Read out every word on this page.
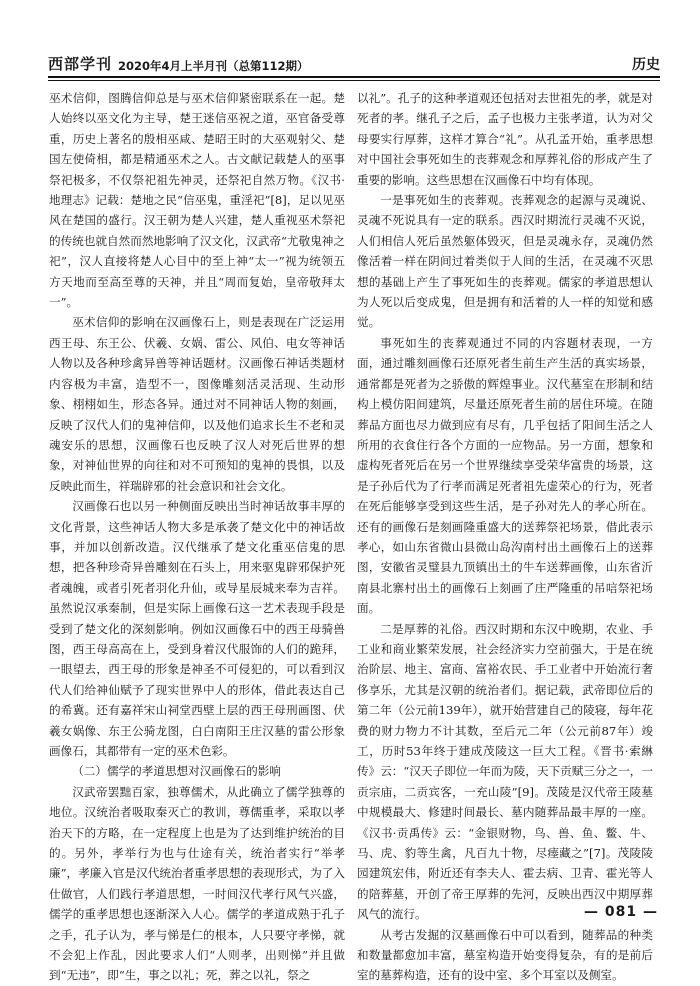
西部学刊 2020年4月上半月刊（总第112期）	历史

巫术信仰，图腾信仰总是与巫术信仰紧密联系在一起。楚人始终以巫文化为主导，楚王迷信巫祝之道，巫官备受尊重，历史上著名的殷相巫咸、楚昭王时的大巫观射父、楚国左使倚相，都是精通巫术之人。古文献记载楚人的巫事祭祀极多，不仅祭祀祖先神灵，还祭祀自然万物。《汉书·地理志》记载：楚地之民“信巫鬼，重淫祀”[8]，足以见巫风在楚国的盛行。汉王朝为楚人兴建，楚人重视巫术祭祀的传统也就自然而然地影响了汉文化，汉武帝“尤敬鬼神之祀”，汉人直接将楚人心目中的至上神“太一”视为统领五方天地而至高至尊的天神，并且“周而复始，皇帝敬拜太一”。

巫术信仰的影响在汉画像石上，则是表现在广泛运用西王母、东王公、伏羲、女娲、雷公、风伯、电女等神话人物以及各种珍禽异兽等神话题材。汉画像石神话类题材内容极为丰富，造型不一，图像雕刻活灵活现、生动形象、栩栩如生，形态各异。通过对不同神话人物的刻画，反映了汉代人们的鬼神信仰，以及他们追求长生不老和灵魂安乐的思想，汉画像石也反映了汉人对死后世界的想象，对神仙世界的向往和对不可预知的鬼神的畏惧，以及反映此而生，祥瑞辟邪的社会意识和社会文化。

汉画像石也以另一种侧面反映出当时神话故事丰厚的文化背景，这些神话人物大多是承袭了楚文化中的神话故事，并加以创新改造。汉代继承了楚文化重巫信鬼的思想，把各种珍奇异兽雕刻在石头上，用来驱鬼辟邪保护死者魂魄，或者引死者羽化升仙，或导星辰城来奉为吉祥。虽然说汉承秦制，但是实际上画像石这一艺术表现手段是受到了楚文化的深刻影响。例如汉画像石中的西王母骑兽图，西王母高高在上，受到身着汉代服饰的人们的跪拜，一眼望去，西王母的形象是神圣不可侵犯的，可以看到汉代人们给神仙赋予了现实世界中人的形体，借此表达自己的希冀。还有嘉祥宋山祠堂西壁上层的西王母刑画图、伏羲女娲像、东王公骑龙图，白白南阳王庄汉墓的雷公形象画像石，其都带有一定的巫术色彩。

（二）儒学的孝道思想对汉画像石的影响

汉武帝罢黜百家，独尊儒术，从此确立了儒学独尊的地位。汉统治者吸取秦灭亡的教训，尊儒重孝，采取以孝治天下的方略，在一定程度上也是为了达到维护统治的目的。另外，孝举行为也与仕途有关，统治者实行“举孝廉”，孝廉入官是汉代统治者重孝思想的表现形式，为了入仕做官，人们践行孝道思想，一时间汉代孝行风气兴盛，儒学的重孝思想也逐渐深入人心。儒学的孝道成熟于孔子之手，孔子认为，孝与悌是仁的根本，人只要守孝悌，就不会犯上作乱，因此要求人们“人则孝，出则悌”并且做到“无违”，即“生，事之以礼；死，葬之以礼，祭之

以礼”。孔子的这种孝道观还包括对去世祖先的孝，就是对死者的孝。继孔子之后，孟子也极力主张孝道，认为对父母要实行厚葬，这样才算合“礼”。从孔孟开始，重孝思想对中国社会事死如生的丧葬观念和厚葬礼俗的形成产生了重要的影响。这些思想在汉画像石中均有体现。

一是事死如生的丧葬观。丧葬观念的起源与灵魂说、灵魂不死说具有一定的联系。西汉时期流行灵魂不灭说，人们相信人死后虽然躯体毁灭，但是灵魂永存，灵魂仍然像活着一样在阴间过着类似于人间的生活，在灵魂不灭思想的基础上产生了事死如生的丧葬观。儒家的孝道思想认为人死以后变成鬼，但是拥有和活着的人一样的知觉和感觉。

事死如生的丧葬观通过不同的内容题材表现，一方面，通过雕刻画像石还原死者生前生产生活的真实场景，通常都是死者为之骄傲的辉煌事业。汉代墓室在形制和结构上模仿阳间建筑，尽量还原死者生前的居住环境。在随葬品方面也尽力做到应有尽有，几乎包括了阳间生活之人所用的衣食住行各个方面的一应物品。另一方面，想象和虚构死者死后在另一个世界继续享受荣华富贵的场景，这是子孙后代为了行孝而满足死者祖先虚荣心的行为，死者在死后能够享受到这些生活，是子孙对先人的孝心所在。还有的画像石是刻画隆重盛大的送葬祭祀场景，借此表示孝心，如山东省微山县微山岛沟南村出土画像石上的送葬图，安徽省灵璧县九顶镇出土的牛车送葬画像，山东省沂南县北寨村出土的画像石上刻画了庄严隆重的吊唁祭祀场面。

二是厚葬的礼俗。西汉时期和东汉中晚期，农业、手工业和商业繁荣发展，社会经济实力空前强大，于是在统治阶层、地主、富商、富裕农民、手工业者中开始流行奢侈享乐，尤其是汉朝的统治者们。据记载，武帝即位后的第二年（公元前139年），就开始营建自己的陵寝，每年花费的财力物力不计其数，至后元二年（公元前87年）竣工，历时53年终于建成茂陵这一巨大工程。《晋书·索綝传》云：“汉天子即位一年而为陵，天下贡赋三分之一，一贡宗庙，二贡宾客，一充山陵”[9]。茂陵是汉代帝王陵墓中规模最大、修建时间最长、墓内随葬品最丰厚的一座。《汉书·贡禹传》云：“金银财物，鸟、兽、鱼、鳖、牛、马、虎、豹等生禽，凡百九十物，尽瘗藏之”[7]。茂陵陵园建筑宏伟，附近还有李夫人、霍去病、卫青、霍光等人的陪葬墓，开创了帝王厚葬的先河，反映出西汉中期厚葬风气的流行。

从考古发掘的汉墓画像石中可以看到，随葬品的种类和数量都愈加丰富，墓室构造开始变得复杂，有的是前后室的墓葬构造，还有的设中室、多个耳室以及侧室。

— 081 —
